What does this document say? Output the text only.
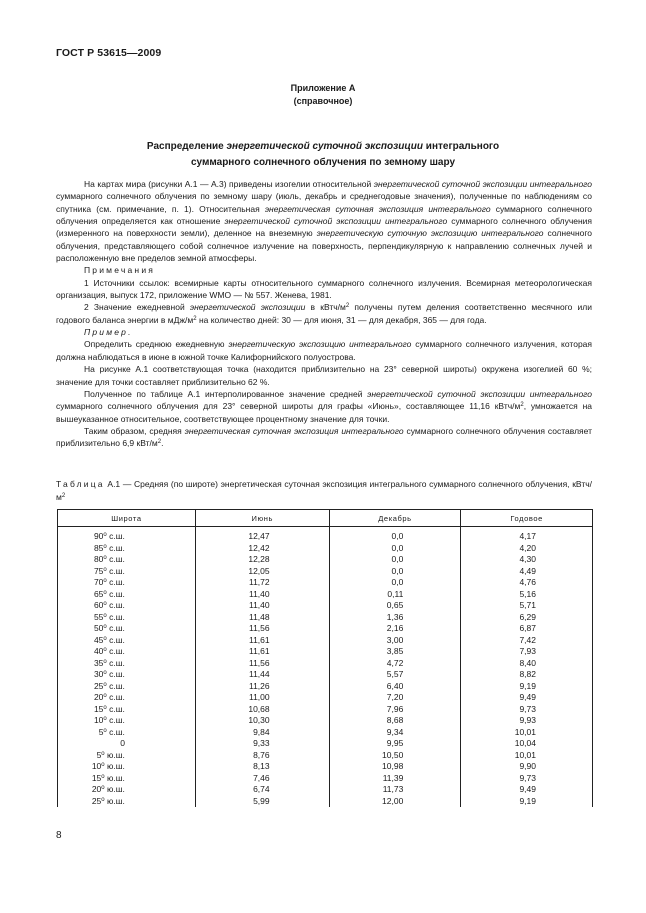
ГОСТ Р 53615—2009
Приложение А
(справочное)
Распределение энергетической суточной экспозиции интегрального
суммарного солнечного облучения по земному шару

На картах мира (рисунки А.1 — А.3) приведены изогелии относительной энергетической суточной экспозиции интегрального суммарного солнечного облучения по земному шару (июль, декабрь и среднегодовые значения), полученные по наблюдениям со спутника (см. примечание, п. 1). Относительная энергетическая суточная экспозиция интегрального суммарного солнечного облучения определяется как отношение энергетической суточной экспозиции интегрального суммарного солнечного облучения (измеренного на поверхности земли), деленное на внеземную энергетическую суточную экспозицию интегрального солнечного облучения, представляющего собой солнечное излучение на поверхность, перпендикулярную к направлению солнечных лучей и расположенную вне пределов земной атмосферы.

Примечания

1 Источники ссылок: всемирные карты относительного суммарного солнечного излучения. Всемирная метеорологическая организация, выпуск 172, приложение WMO — № 557. Женева, 1981.

2 Значение ежедневной энергетической экспозиции в кВтч/$м^2$ получены путем деления соответственно месячного или годового баланса энергии в мДж/$м^2$ на количество дней: 30 — для июня, 31 — для декабря, 365 — для года.

Пример.

Определить среднюю ежедневную энергетическую экспозицию интегрального суммарного солнечного излучения, которая должна наблюдаться в июне в южной точке Калифорнийского полуострова.

На рисунке А.1 соответствующая точка (находится приблизительно на 23° северной широты) окружена изогелией 60 %; значение для точки составляет приблизительно 62 %.

Полученное по таблице А.1 интерполированное значение средней энергетической суточной экспозиции интегрального суммарного солнечного облучения для 23° северной широты для графы «Июнь», составляющее 11,16 кВтч/$м^2$, умножается на вышеуказанное относительное, соответствующее процентному значение для точки.

Таким образом, средняя энергетическая суточная экспозиция интегрального суммарного солнечного облучения составляет приблизительно 6,9 кВт/$м^2$.

Таблица А.1 — Средняя (по широте) энергетическая суточная экспозиция интегрального суммарного солнечного облучения, кВтч/$м^2$
Широта	Июнь	Декабрь	Годовое
$90^о$ с.ш.	12,47	0,0	4,17
$85^о$ с.ш.	12,42	0,0	4,20
$80^о$ с.ш.	12,28	0,0	4,30
$75^о$ с.ш.	12,05	0,0	4,49
$70^о$ с.ш.	11,72	0,0	4,76
$65^о$ с.ш.	11,40	0,11	5,16
$60^о$ с.ш.	11,40	0,65	5,71
$55^о$ с.ш.	11,48	1,36	6,29
$50^о$ с.ш.	11,56	2,16	6,87
$45^о$ с.ш.	11,61	3,00	7,42
$40^о$ с.ш.	11,61	3,85	7,93
$35^о$ с.ш.	11,56	4,72	8,40
$30^о$ с.ш.	11,44	5,57	8,82
$25^о$ с.ш.	11,26	6,40	9,19
$20^о$ с.ш.	11,00	7,20	9,49
$15^о$ с.ш.	10,68	7,96	9,73
$10^о$ с.ш.	10,30	8,68	9,93
$5^о$ с.ш.	9,84	9,34	10,01
0	9,33	9,95	10,04
$5^о$ ю.ш.	8,76	10,50	10,01
$10^о$ ю.ш.	8,13	10,98	9,90
$15^о$ ю.ш.	7,46	11,39	9,73
$20^о$ ю.ш.	6,74	11,73	9,49
$25^о$ ю.ш.	5,99	12,00	9,19
8
